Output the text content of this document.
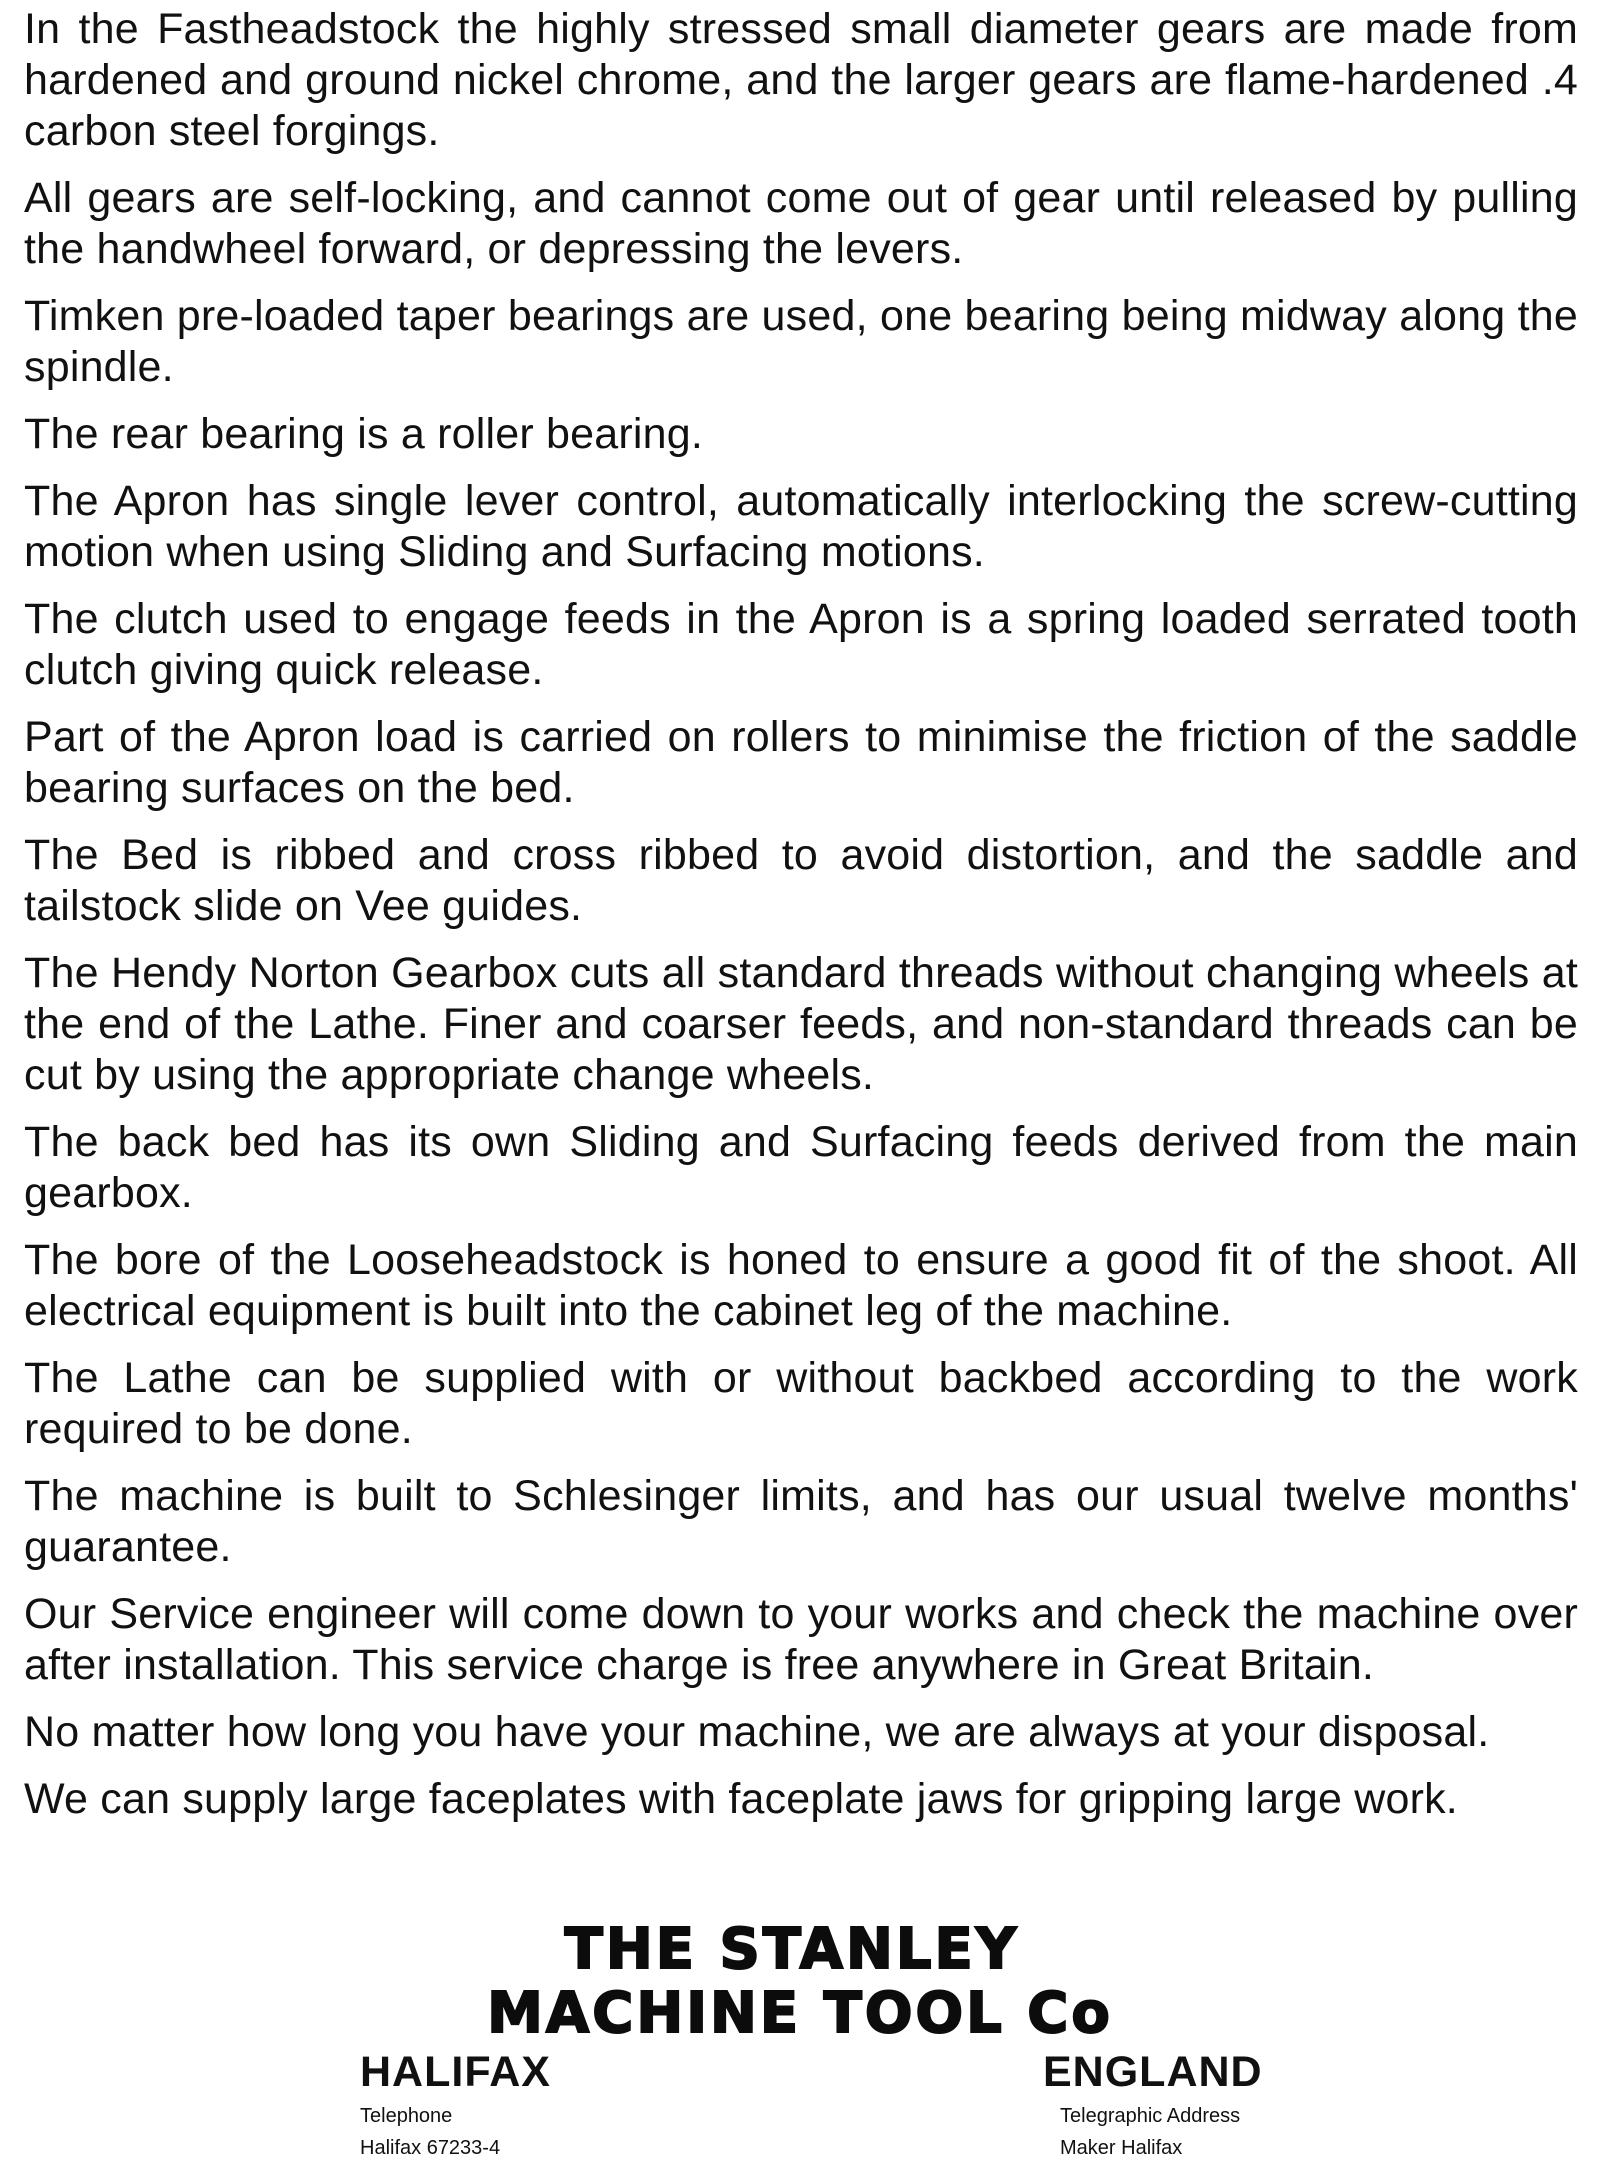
In the Fastheadstock the highly stressed small diameter gears are made from hardened and ground nickel chrome, and the larger gears are flame-hardened .4 carbon steel forgings.

All gears are self-locking, and cannot come out of gear until released by pulling the handwheel forward, or depressing the levers.

Timken pre-loaded taper bearings are used, one bearing being midway along the spindle.

The rear bearing is a roller bearing.

The Apron has single lever control, automatically interlocking the screw-cutting motion when using Sliding and Surfacing motions.

The clutch used to engage feeds in the Apron is a spring loaded serrated tooth clutch giving quick release.

Part of the Apron load is carried on rollers to minimise the friction of the saddle bearing surfaces on the bed.

The Bed is ribbed and cross ribbed to avoid distortion, and the saddle and tailstock slide on Vee guides.

The Hendy Norton Gearbox cuts all standard threads without changing wheels at the end of the Lathe. Finer and coarser feeds, and non-standard threads can be cut by using the appropriate change wheels.

The back bed has its own Sliding and Surfacing feeds derived from the main gearbox.

The bore of the Looseheadstock is honed to ensure a good fit of the shoot. All electrical equipment is built into the cabinet leg of the machine.

The Lathe can be supplied with or without backbed according to the work required to be done.

The machine is built to Schlesinger limits, and has our usual twelve months' guarantee.

Our Service engineer will come down to your works and check the machine over after installation. This service charge is free anywhere in Great Britain.

No matter how long you have your machine, we are always at your disposal.

We can supply large faceplates with faceplate jaws for gripping large work.

THE STANLEY
MACHINE TOOL Co
HALIFAX
Telephone
Halifax 67233-4
ENGLAND
Telegraphic Address
Maker Halifax
